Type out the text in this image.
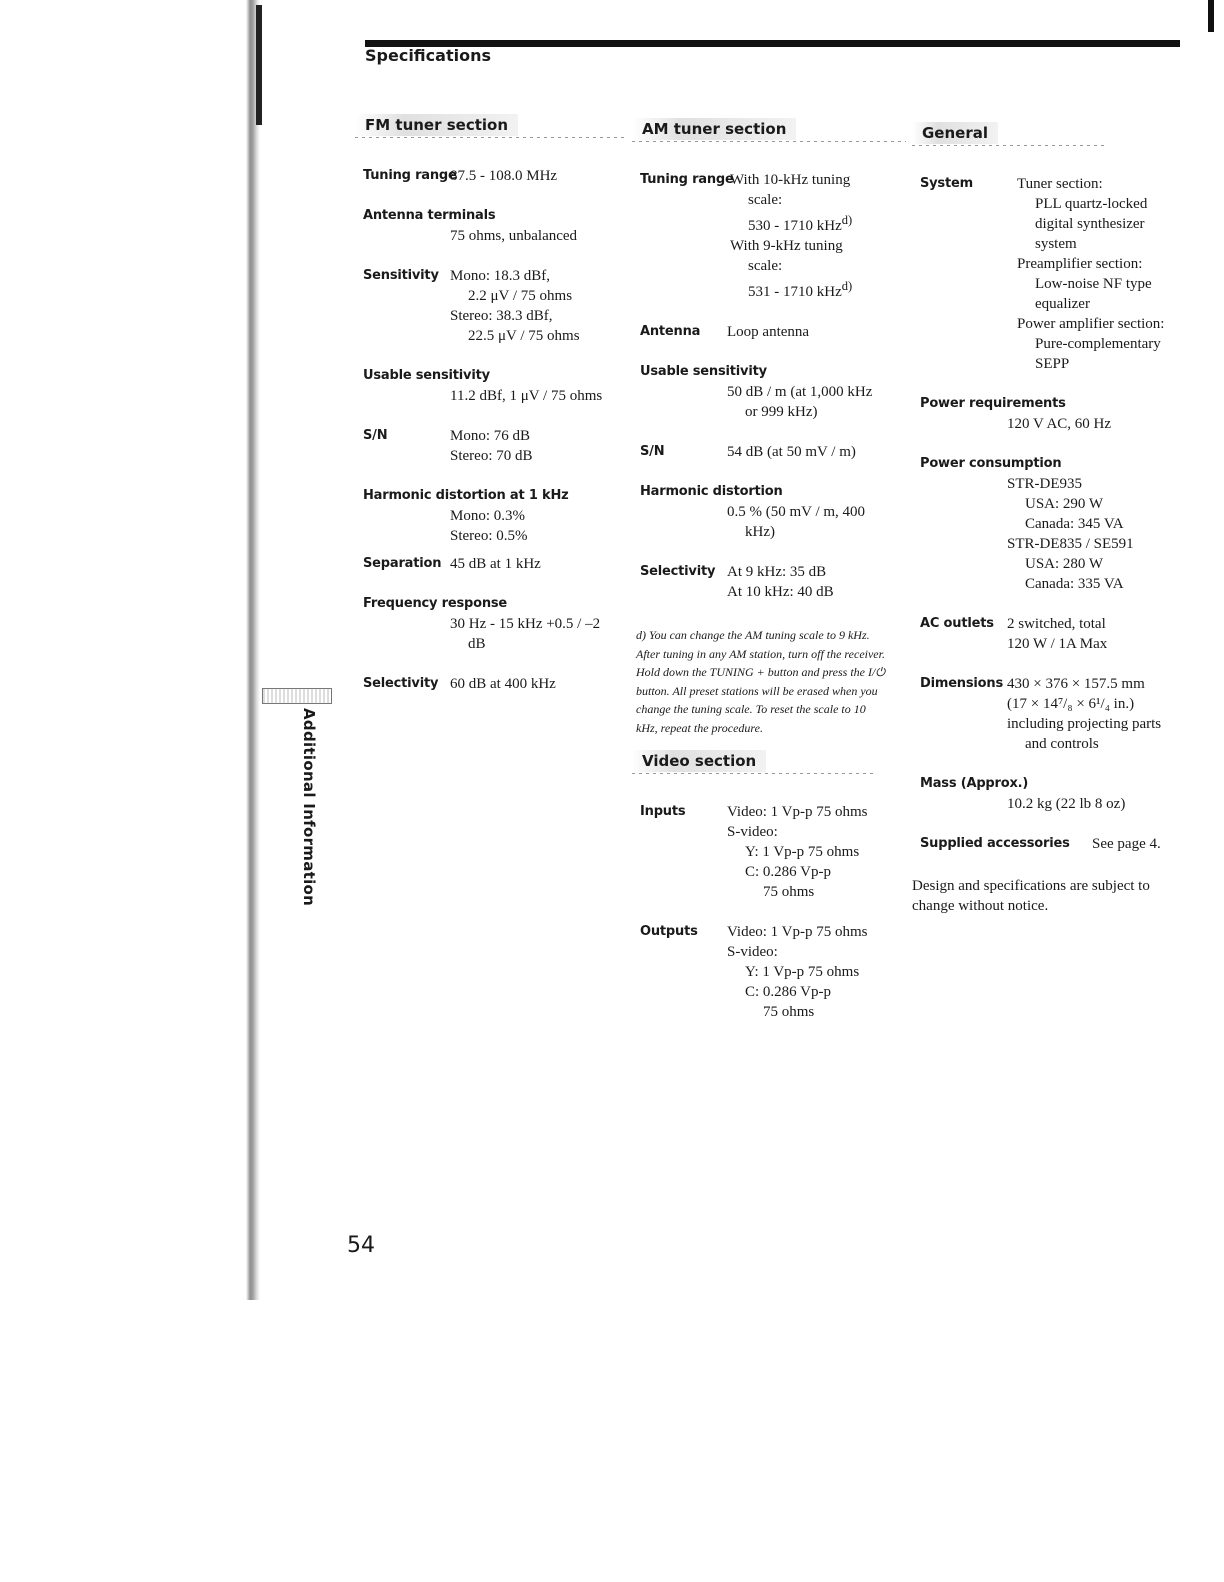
Specifications
Additional Information
FM tuner section
Tuning range
87.5 - 108.0 MHz
Antenna terminals
75 ohms, unbalanced
Sensitivity Mono: 18.3 dBf,
2.2 μV / 75 ohms
Stereo: 38.3 dBf,
22.5 μV / 75 ohms
Usable sensitivity
11.2 dBf, 1 μV / 75 ohms
S/N	Mono: 76 dB
Stereo: 70 dB
Harmonic distortion at 1 kHz
Mono: 0.3%
Stereo: 0.5%
Separation 45 dB at 1 kHz
Frequency response
30 Hz - 15 kHz +0.5 / –2
dB
Selectivity 60 dB at 400 kHz
AM tuner section
Tuning range
With 10-kHz tuning
scale:
530 - 1710 kHz$^{d)}$
With 9-kHz tuning
scale:
531 - 1710 kHz$^{d)}$
Antenna Loop antenna
Usable sensitivity
50 dB / m (at 1,000 kHz
or 999 kHz)
S/N	54 dB (at 50 mV / m)
Harmonic distortion
0.5 % (50 mV / m, 400
kHz)
Selectivity At 9 kHz: 35 dB
At 10 kHz: 40 dB
d) You can change the AM tuning scale to 9 kHz. After tuning in any AM station, turn off the receiver. Hold down the TUNING + button and press the I/⏻ button. All preset stations will be erased when you change the tuning scale. To reset the scale to 10 kHz, repeat the procedure.
Video section
Inputs	Video: 1 Vp-p 75 ohms
S-video:
Y: 1 Vp-p 75 ohms
C: 0.286 Vp-p
75 ohms
Outputs Video: 1 Vp-p 75 ohms
S-video:
Y: 1 Vp-p 75 ohms
C: 0.286 Vp-p
75 ohms
General
System	Tuner section:
PLL quartz-locked
digital synthesizer
system
Preamplifier section:
Low-noise NF type
equalizer
Power amplifier section:
Pure-complementary
SEPP
Power requirements
120 V AC, 60 Hz
Power consumption
STR-DE935
USA: 290 W
Canada: 345 VA
STR-DE835 / SE591
USA: 280 W
Canada: 335 VA
AC outlets 2 switched, total
120 W / 1A Max
Dimensions 430 × 376 × 157.5 mm
(17 × 14⁷/₈ × 6¹/₄ in.)
including projecting parts
and controls
Mass (Approx.)
10.2 kg (22 lb 8 oz)
Supplied accessories See page 4.
Design and specifications are subject to change without notice.
54
